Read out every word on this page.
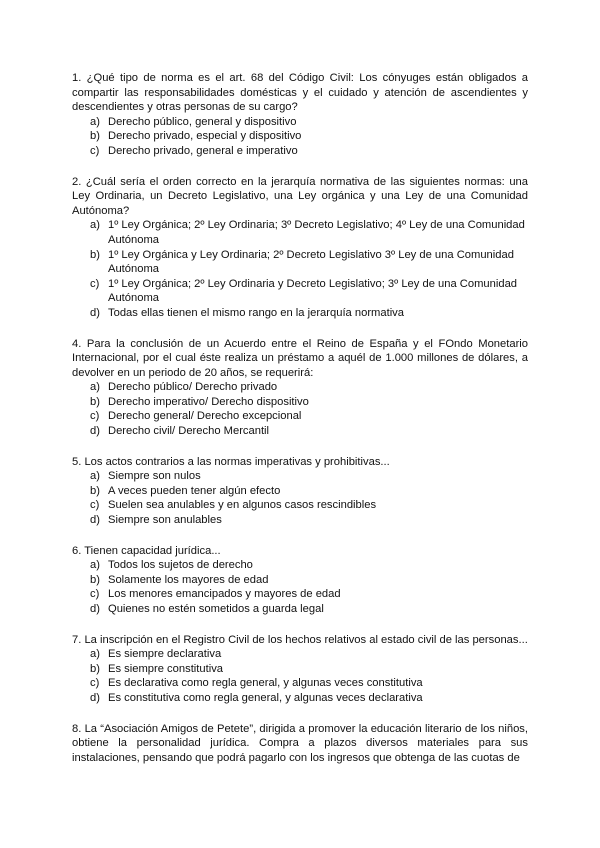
1. ¿Qué tipo de norma es el art. 68 del Código Civil: Los cónyuges están obligados a compartir las responsabilidades domésticas y el cuidado y atención de ascendientes y descendientes y otras personas de su cargo?

a) Derecho público, general y dispositivo
b) Derecho privado, especial y dispositivo
c) Derecho privado, general e imperativo

2. ¿Cuál sería el orden correcto en la jerarquía normativa de las siguientes normas: una Ley Ordinaria, un Decreto Legislativo, una Ley orgánica y una Ley de una Comunidad Autónoma?

a) 1º Ley Orgánica; 2º Ley Ordinaria; 3º Decreto Legislativo; 4º Ley de una Comunidad Autónoma
b) 1º Ley Orgánica y Ley Ordinaria; 2º Decreto Legislativo 3º Ley de una Comunidad Autónoma
c) 1º Ley Orgánica; 2º Ley Ordinaria y Decreto Legislativo; 3º Ley de una Comunidad Autónoma
d) Todas ellas tienen el mismo rango en la jerarquía normativa

4. Para la conclusión de un Acuerdo entre el Reino de España y el FOndo Monetario Internacional, por el cual éste realiza un préstamo a aquél de 1.000 millones de dólares, a devolver en un periodo de 20 años, se requerirá:

a) Derecho público/ Derecho privado
b) Derecho imperativo/ Derecho dispositivo
c) Derecho general/ Derecho excepcional
d) Derecho civil/ Derecho Mercantil

5. Los actos contrarios a las normas imperativas y prohibitivas...

a) Siempre son nulos
b) A veces pueden tener algún efecto
c) Suelen sea anulables y en algunos casos rescindibles
d) Siempre son anulables

6. Tienen capacidad jurídica...

a) Todos los sujetos de derecho
b) Solamente los mayores de edad
c) Los menores emancipados y mayores de edad
d) Quienes no estén sometidos a guarda legal

7. La inscripción en el Registro Civil de los hechos relativos al estado civil de las personas...

a) Es siempre declarativa
b) Es siempre constitutiva
c) Es declarativa como regla general, y algunas veces constitutiva
d) Es constitutiva como regla general, y algunas veces declarativa

8. La “Asociación Amigos de Petete”, dirigida a promover la educación literario de los niños, obtiene la personalidad jurídica. Compra a plazos diversos materiales para sus instalaciones, pensando que podrá pagarlo con los ingresos que obtenga de las cuotas de
